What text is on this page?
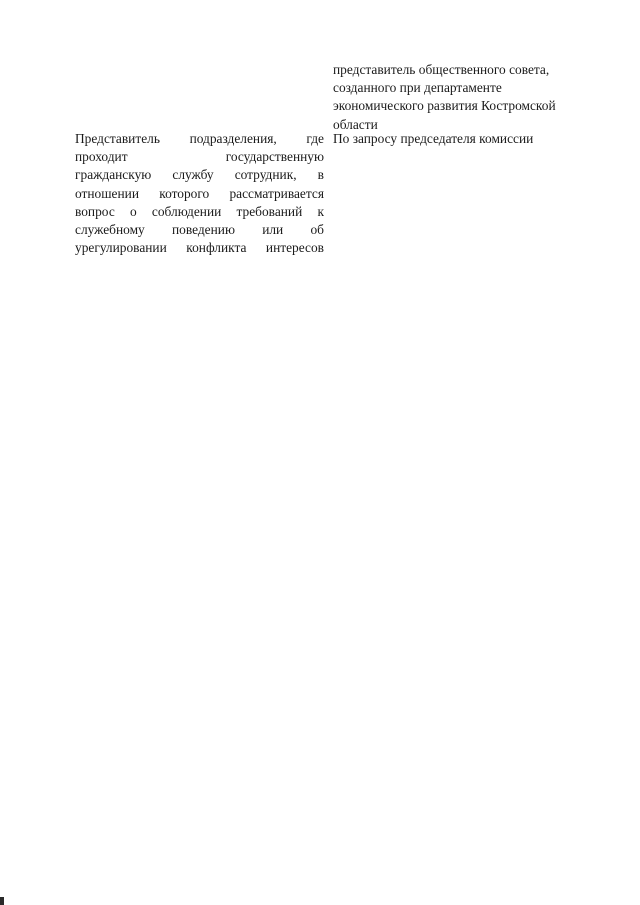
представитель общественного совета,
созданного при департаменте
экономического развития Костромской
области
Представитель подразделения, где
проходит государственную
гражданскую службу сотрудник, в
отношении которого рассматривается
вопрос о соблюдении требований к
служебному поведению или об
урегулировании конфликта интересов
По запросу председателя комиссии
